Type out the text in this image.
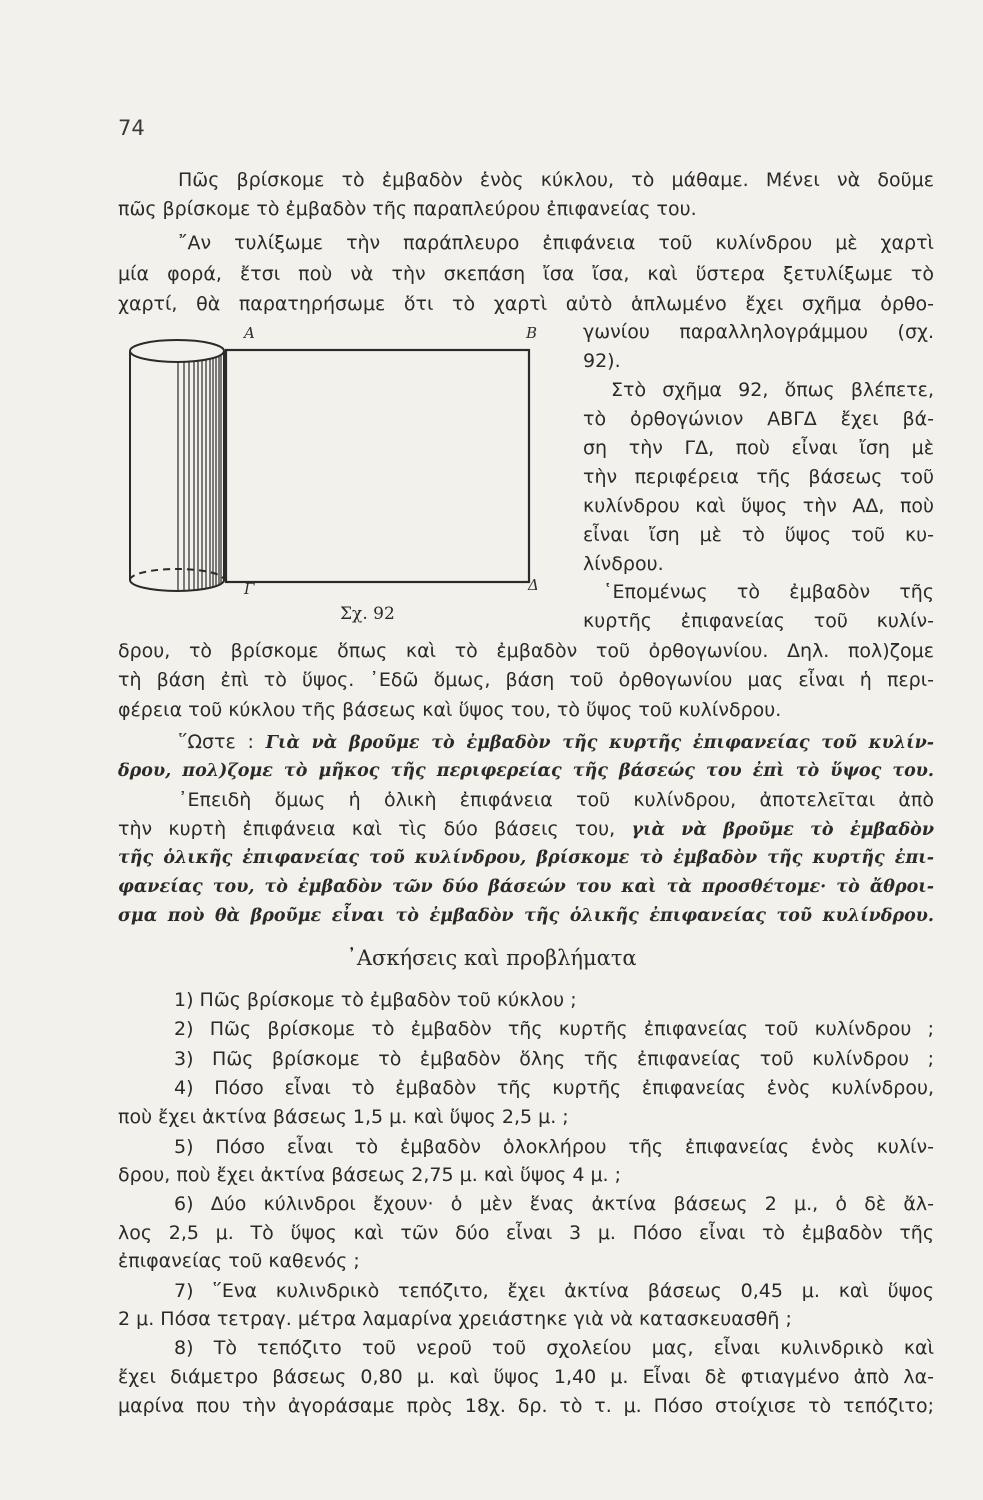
74
Πῶς βρίσκομε τὸ ἐμβαδὸν ἑνὸς κύκλου, τὸ μάθαμε. Μένει νὰ δοῦμε
πῶς βρίσκομε τὸ ἐμβαδὸν τῆς παραπλεύρου ἐπιφανείας του.
῎Αν τυλίξωμε τὴν παράπλευρο ἐπιφάνεια τοῦ κυλίνδρου μὲ χαρτὶ
μία φορά, ἔτσι ποὺ νὰ τὴν σκεπάση ἴσα ἴσα, καὶ ὕστερα ξετυλίξωμε τὸ
χαρτί, θὰ παρατηρήσωμε ὅτι τὸ χαρτὶ αὐτὸ ἁπλωμένο ἔχει σχῆμα ὀρθο-
Α	Β
Γ	Δ
Σχ. 92
γωνίου παραλληλογράμμου (σχ.
92).
Στὸ σχῆμα 92, ὅπως βλέπετε,
τὸ ὀρθογώνιον ΑΒΓΔ ἔχει βά-
ση τὴν ΓΔ, ποὺ εἶναι ἴση μὲ
τὴν περιφέρεια τῆς βάσεως τοῦ
κυλίνδρου καὶ ὕψος τὴν ΑΔ, ποὺ
εἶναι ἴση μὲ τὸ ὕψος τοῦ κυ-
λίνδρου.
῾Επομένως τὸ ἐμβαδὸν τῆς
κυρτῆς ἐπιφανείας τοῦ κυλίν-
δρου, τὸ βρίσκομε ὅπως καὶ τὸ ἐμβαδὸν τοῦ ὀρθογωνίου. Δηλ. πολ)ζομε
τὴ βάση ἐπὶ τὸ ὕψος. ᾿Εδῶ ὅμως, βάση τοῦ ὀρθογωνίου μας εἶναι ἡ περι-
φέρεια τοῦ κύκλου τῆς βάσεως καὶ ὕψος του, τὸ ὕψος τοῦ κυλίνδρου.
῞Ωστε : Γιὰ νὰ βροῦμε τὸ ἐμβαδὸν τῆς κυρτῆς ἐπιφανείας τοῦ κυλίν-
δρου, πολ)ζομε τὸ μῆκος τῆς περιφερείας τῆς βάσεώς του ἐπὶ τὸ ὕψος του.
᾿Επειδὴ ὅμως ἡ ὁλικὴ ἐπιφάνεια τοῦ κυλίνδρου, ἀποτελεῖται ἀπὸ
τὴν κυρτὴ ἐπιφάνεια καὶ τὶς δύο βάσεις του, γιὰ νὰ βροῦμε τὸ ἐμβαδὸν
τῆς ὁλικῆς ἐπιφανείας τοῦ κυλίνδρου, βρίσκομε τὸ ἐμβαδὸν τῆς κυρτῆς ἐπι-
φανείας του, τὸ ἐμβαδὸν τῶν δύο βάσεών του καὶ τὰ προσθέτομε· τὸ ἄθροι-
σμα ποὺ θὰ βροῦμε εἶναι τὸ ἐμβαδὸν τῆς ὁλικῆς ἐπιφανείας τοῦ κυλίνδρου.
᾿Ασκήσεις καὶ προβλήματα
1) Πῶς βρίσκομε τὸ ἐμβαδὸν τοῦ κύκλου ;
2) Πῶς βρίσκομε τὸ ἐμβαδὸν τῆς κυρτῆς ἐπιφανείας τοῦ κυλίνδρου ;
3) Πῶς βρίσκομε τὸ ἐμβαδὸν ὅλης τῆς ἐπιφανείας τοῦ κυλίνδρου ;
4) Πόσο εἶναι τὸ ἐμβαδὸν τῆς κυρτῆς ἐπιφανείας ἑνὸς κυλίνδρου,
ποὺ ἔχει ἀκτίνα βάσεως 1,5 μ. καὶ ὕψος 2,5 μ. ;
5) Πόσο εἶναι τὸ ἐμβαδὸν ὁλοκλήρου τῆς ἐπιφανείας ἑνὸς κυλίν-
δρου, ποὺ ἔχει ἀκτίνα βάσεως 2,75 μ. καὶ ὕψος 4 μ. ;
6) Δύο κύλινδροι ἔχουν· ὁ μὲν ἕνας ἀκτίνα βάσεως 2 μ., ὁ δὲ ἄλ-
λος 2,5 μ. Τὸ ὕψος καὶ τῶν δύο εἶναι 3 μ. Πόσο εἶναι τὸ ἐμβαδὸν τῆς
ἐπιφανείας τοῦ καθενός ;
7) ῞Ενα κυλινδρικὸ τεπόζιτο, ἔχει ἀκτίνα βάσεως 0,45 μ. καὶ ὕψος
2 μ. Πόσα τετραγ. μέτρα λαμαρίνα χρειάστηκε γιὰ νὰ κατασκευασθῆ ;
8) Τὸ τεπόζιτο τοῦ νεροῦ τοῦ σχολείου μας, εἶναι κυλινδρικὸ καὶ
ἔχει διάμετρο βάσεως 0,80 μ. καὶ ὕψος 1,40 μ. Εἶναι δὲ φτιαγμένο ἀπὸ λα-
μαρίνα που τὴν ἀγοράσαμε πρὸς 18χ. δρ. τὸ τ. μ. Πόσο στοίχισε τὸ τεπόζιτο;
